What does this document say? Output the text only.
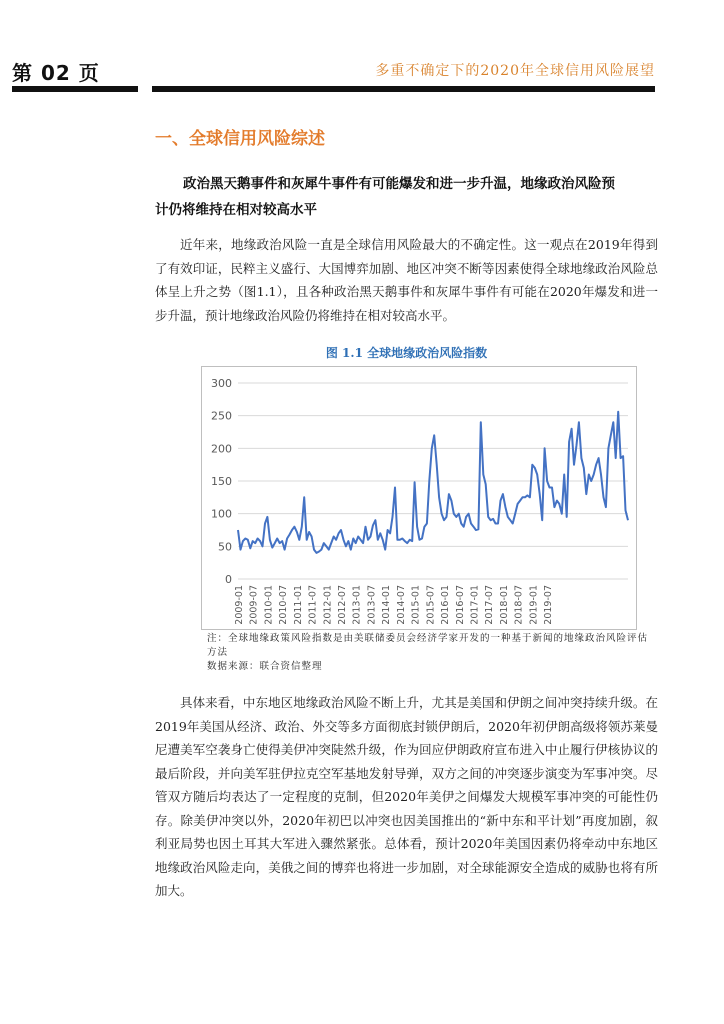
第 02 页	多重不确定下的2020年全球信用风险展望
一、全球信用风险综述
政治黑天鹅事件和灰犀牛事件有可能爆发和进一步升温，地缘政治风险预
计仍将维持在相对较高水平

近年来，地缘政治风险一直是全球信用风险最大的不确定性。这一观点在2019年得到了有效印证，民粹主义盛行、大国博弈加剧、地区冲突不断等因素使得全球地缘政治风险总体呈上升之势（图1.1），且各种政治黑天鹅事件和灰犀牛事件有可能在2020年爆发和进一步升温，预计地缘政治风险仍将维持在相对较高水平。

图 1.1 全球地缘政治风险指数
0
50
100
150
200
250
300
2009-01 2009-07 2010-01 2010-07 2011-01 2011-07 2012-01 2012-07 2013-01 2013-07 2014-01 2014-07 2015-01 2015-07 2016-01 2016-07 2017-01 2017-07 2018-01 2018-07 2019-01 2019-07
注：全球地缘政策风险指数是由美联储委员会经济学家开发的一种基于新闻的地缘政治风险评估方法
数据来源：联合资信整理

具体来看，中东地区地缘政治风险不断上升，尤其是美国和伊朗之间冲突持续升级。在2019年美国从经济、政治、外交等多方面彻底封锁伊朗后，2020年初伊朗高级将领苏莱曼尼遭美军空袭身亡使得美伊冲突陡然升级，作为回应伊朗政府宣布进入中止履行伊核协议的最后阶段，并向美军驻伊拉克空军基地发射导弹，双方之间的冲突逐步演变为军事冲突。尽管双方随后均表达了一定程度的克制，但2020年美伊之间爆发大规模军事冲突的可能性仍存。除美伊冲突以外，2020年初巴以冲突也因美国推出的“新中东和平计划”再度加剧，叙利亚局势也因土耳其大军进入骤然紧张。总体看，预计2020年美国因素仍将牵动中东地区地缘政治风险走向，美俄之间的博弈也将进一步加剧，对全球能源安全造成的威胁也将有所加大。
